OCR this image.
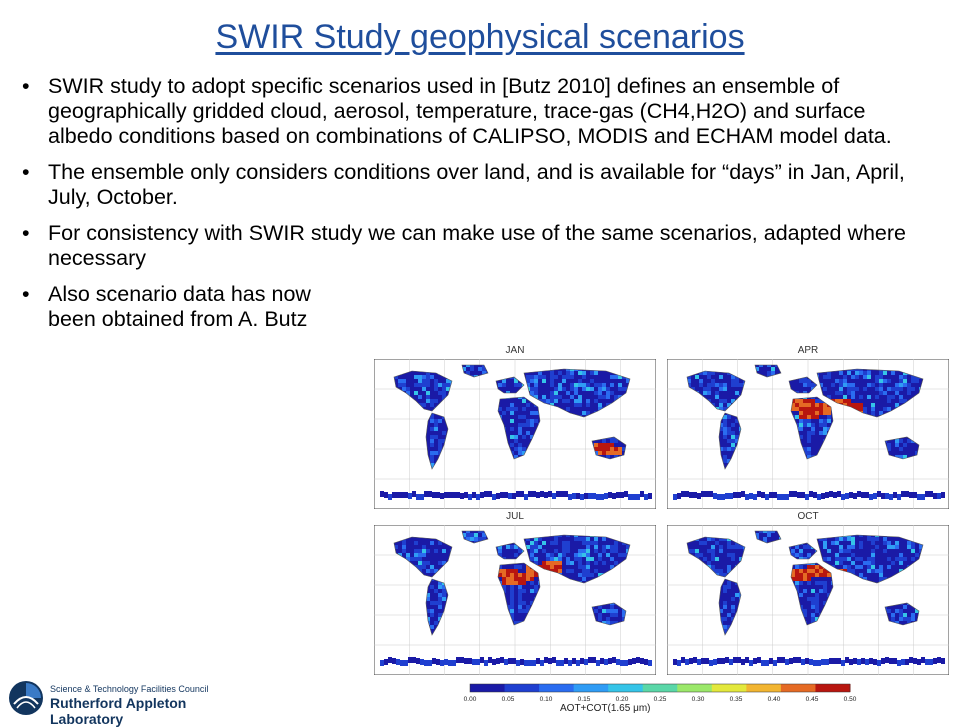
SWIR Study geophysical scenarios
• SWIR study to adopt specific scenarios used in [Butz 2010] defines an ensemble of geographically gridded cloud, aerosol, temperature, trace-gas (CH4,H2O) and surface albedo conditions based on combinations of CALIPSO, MODIS and ECHAM model data.
• The ensemble only considers conditions over land, and is available for “days” in Jan, April, July, October.
• For consistency with SWIR study we can make use of the same scenarios, adapted where necessary
• Also scenario data has now been obtained from A. Butz
JAN	APR
JUL	OCT
0.00	0.05	0.10	0.15	0.20	0.25	0.30	0.35	0.40	0.45	0.50
AOT+COT(1.65 μm)
Science & Technology Facilities Council
Rutherford Appleton Laboratory
